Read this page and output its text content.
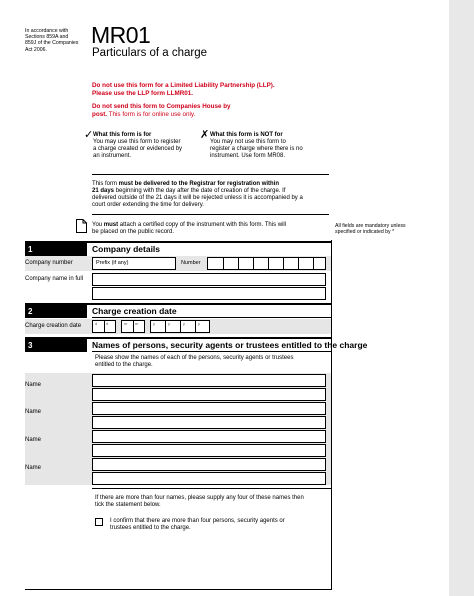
In accordance with
Sections 859A and
859J of the Companies
Act 2006.
MR01
Particulars of a charge
Do not use this form for a Limited Liability Partnership (LLP).
Please use the LLP form LLMR01.
Do not send this form to Companies House by
post. This form is for online use only.
✓ What this form is for
You may use this form to register
a charge created or evidenced by
an instrument.
✗ What this form is NOT for
You may not use this form to
register a charge where there is no
instrument. Use form MR08.
This form must be delivered to the Registrar for registration within
21 days beginning with the day after the date of creation of the charge. If
delivered outside of the 21 days it will be rejected unless it is accompanied by a
court order extending the time for delivery.
You must attach a certified copy of the instrument with this form. This will
be placed on the public record.
All fields are mandatory unless
specified or indicated by *
1	Company details
Company number	Prefix (if any)	Number
Company name in full
2	Charge creation date
Charge creation date	d d	m m	y	y	y	y
3	Names of persons, security agents or trustees entitled to the charge
Please show the names of each of the persons, security agents or trustees
entitled to the charge.
Name
Name
Name
Name
If there are more than four names, please supply any four of these names then
tick the statement below.
I confirm that there are more than four persons, security agents or
trustees entitled to the charge.
